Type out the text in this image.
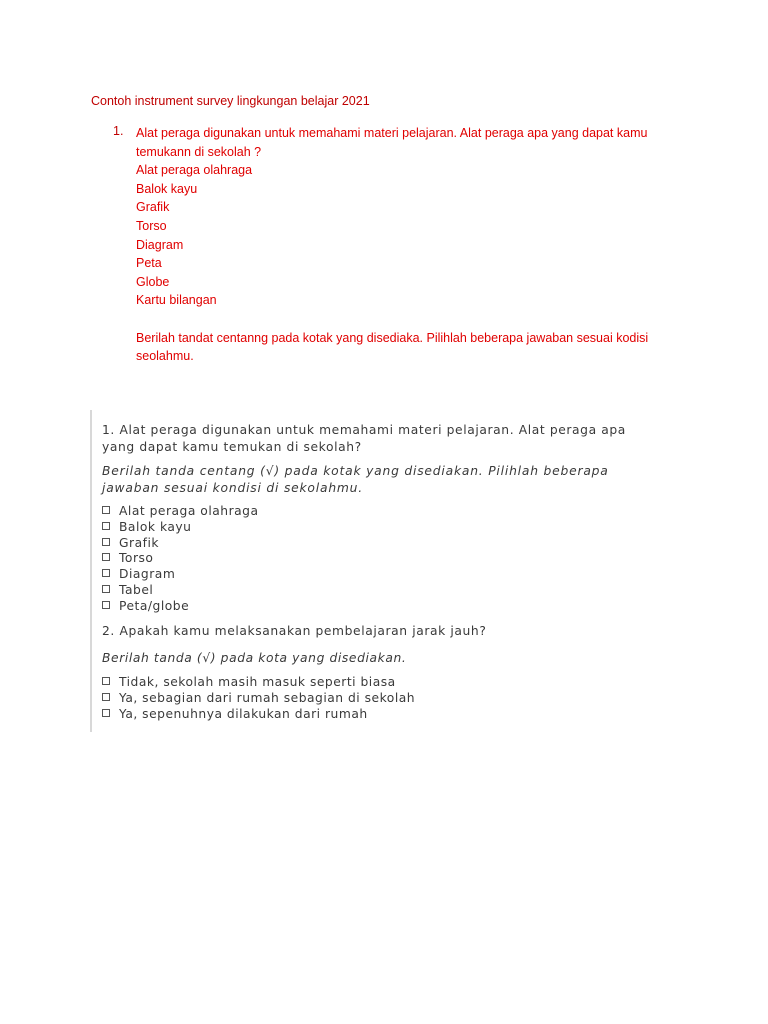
Contoh instrument survey lingkungan belajar 2021
1. Alat peraga digunakan untuk memahami materi pelajaran. Alat peraga apa yang dapat kamu temukann di sekolah ?

Alat peraga olahraga
Balok kayu
Grafik
Torso
Diagram
Peta
Globe
Kartu bilangan

Berilah tandat centanng pada kotak yang disediaka. Pilihlah beberapa jawaban sesuai kodisi seolahmu.

1. Alat peraga digunakan untuk memahami materi pelajaran. Alat peraga apa yang dapat kamu temukan di sekolah?
Berilah tanda centang (√) pada kotak yang disediakan. Pilihlah beberapa jawaban sesuai kondisi di sekolahmu.
Alat peraga olahraga
Balok kayu
Grafik
Torso
Diagram
Tabel
Peta/globe
2. Apakah kamu melaksanakan pembelajaran jarak jauh?
Berilah tanda (√) pada kota yang disediakan.
Tidak, sekolah masih masuk seperti biasa
Ya, sebagian dari rumah sebagian di sekolah
Ya, sepenuhnya dilakukan dari rumah
